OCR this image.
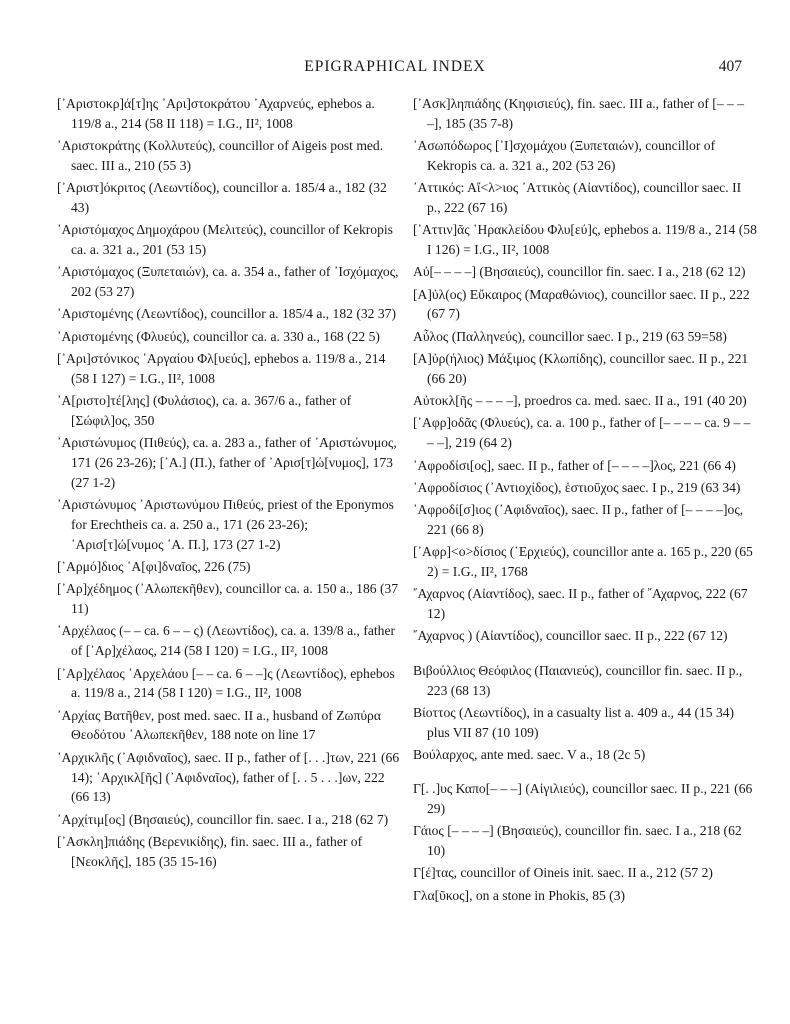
EPIGRAPHICAL INDEX	407
[᾿Αριστοκρ]ά[τ]ης ᾿Αρι]στοκράτου ᾿Αχαρνεύς, ephebos a. 119/8 a., 214 (58 II 118) = I.G., II², 1008
᾿Αριστοκράτης (Κολλυτεύς), councillor of Aigeis post med. saec. III a., 210 (55 3)
[᾿Αριστ]όκριτος (Λεωντίδος), councillor a. 185/4 a., 182 (32 43)
᾿Αριστόμαχος Δημοχάρου (Μελιτεύς), councillor of Kekropis ca. a. 321 a., 201 (53 15)
᾿Αριστόμαχος (Ξυπεταιών), ca. a. 354 a., father of ᾿Ισχόμαχος, 202 (53 27)
᾿Αριστομένης (Λεωντίδος), councillor a. 185/4 a., 182 (32 37)
᾿Αριστομένης (Φλυεύς), councillor ca. a. 330 a., 168 (22 5)
[᾿Αρι]στόνικος ᾿Αργαίου Φλ[υεύς], ephebos a. 119/8 a., 214 (58 I 127) = I.G., II², 1008
᾿Α[ριστο]τέ[λης] (Φυλάσιος), ca. a. 367/6 a., father of [Σώφιλ]ος, 350
᾿Αριστώνυμος (Πιθεύς), ca. a. 283 a., father of ᾿Αριστώνυμος, 171 (26 23-26); [᾿Α.] (Π.), father of ᾿Αρισ[τ]ώ[νυμος], 173 (27 1-2)
᾿Αριστώνυμος ᾿Αριστωνύμου Πιθεύς, priest of the Eponymos for Erechtheis ca. a. 250 a., 171 (26 23-26); ᾿Αρισ[τ]ώ[νυμος ᾿Α. Π.], 173 (27 1-2)
[῾Αρμό]διος ᾿Α[φι]δναῖος, 226 (75)
[᾿Αρ]χέδημος (᾿Αλωπεκῆθεν), councillor ca. a. 150 a., 186 (37 11)
᾿Αρχέλαος (– – ca. 6 – – ς) (Λεωντίδος), ca. a. 139/8 a., father of [᾿Αρ]χέλαος, 214 (58 I 120) = I.G., II², 1008
[᾿Αρ]χέλαος ᾿Αρχελάου [– – ca. 6 – –]ς (Λεωντίδος), ephebos a. 119/8 a., 214 (58 I 120) = I.G., II², 1008
᾿Αρχίας Βατῆθεν, post med. saec. II a., husband of Ζωπύρα Θεοδότου ᾿Αλωπεκῆθεν, 188 note on line 17
᾿Αρχικλῆς (᾿Αφιδναῖος), saec. II p., father of [. . .]των, 221 (66 14); ᾿Αρχικλ[ῆς] (᾿Αφιδναῖος), father of [. . 5 . . .]ων, 222 (66 13)
᾿Αρχίτιμ[ος] (Βησαιεύς), councillor fin. saec. I a., 218 (62 7)
[᾿Ασκλη]πιάδης (Βερενικίδης), fin. saec. III a., father of [Νεοκλῆς], 185 (35 15-16)
[᾿Ασκ]ληπιάδης (Κηφισιεύς), fin. saec. III a., father of [– – – –], 185 (35 7-8)
᾿Ασωπόδωρος [᾿Ι]σχομάχου (Ξυπεταιών), councillor of Kekropis ca. a. 321 a., 202 (53 26)
᾿Αττικός: Αἴ<λ>ιος ᾿Αττικὸς (Αἰαντίδος), councillor saec. II p., 222 (67 16)
[᾿Αττιν]ᾶς ῾Ηρακλείδου Φλυ[εύ]ς, ephebos a. 119/8 a., 214 (58 I 126) = I.G., II², 1008
Αὐ[– – – –] (Βησαιεύς), councillor fin. saec. I a., 218 (62 12)
[Α]ὐλ(ος) Εὔκαιρος (Μαραθώνιος), councillor saec. II p., 222 (67 7)
Αὖλος (Παλληνεύς), councillor saec. I p., 219 (63 59=58)
[Α]ὐρ(ήλιος) Μάξιμος (Κλωπίδης), councillor saec. II p., 221 (66 20)
Αὐτοκλ[ῆς – – – –], proedros ca. med. saec. II a., 191 (40 20)
[᾿Αφρ]οδᾶς (Φλυεύς), ca. a. 100 p., father of [– – – – ca. 9 – – – –], 219 (64 2)
᾿Αφροδίσι[ος], saec. II p., father of [– – – –]λος, 221 (66 4)
᾿Αφροδίσιος (᾿Αντιοχίδος), ἑστιοῦχος saec. I p., 219 (63 34)
᾿Αφροδί[σ]ιος (᾿Αφιδναῖος), saec. II p., father of [– – – –]ος, 221 (66 8)
[᾿Αφρ]<ο>δίσιος (῾Ερχιεύς), councillor ante a. 165 p., 220 (65 2) = I.G., II², 1768
῎Αχαρνος (Αἰαντίδος), saec. II p., father of ῎Αχαρνος, 222 (67 12)
῎Αχαρνος ) (Αἰαντίδος), councillor saec. II p., 222 (67 12)
Βιβούλλιος Θεόφιλος (Παιανιεύς), councillor fin. saec. II p., 223 (68 13)
Βίοττος (Λεωντίδος), in a casualty list a. 409 a., 44 (15 34) plus VII 87 (10 109)
Βούλαρχος, ante med. saec. V a., 18 (2c 5)
Γ[. .]υς Καπο[– – –] (Αἰγιλιεύς), councillor saec. II p., 221 (66 29)
Γάιος [– – – –] (Βησαιεύς), councillor fin. saec. I a., 218 (62 10)
Γ[έ]τας, councillor of Oineis init. saec. II a., 212 (57 2)
Γλα[ῦκος], on a stone in Phokis, 85 (3)
